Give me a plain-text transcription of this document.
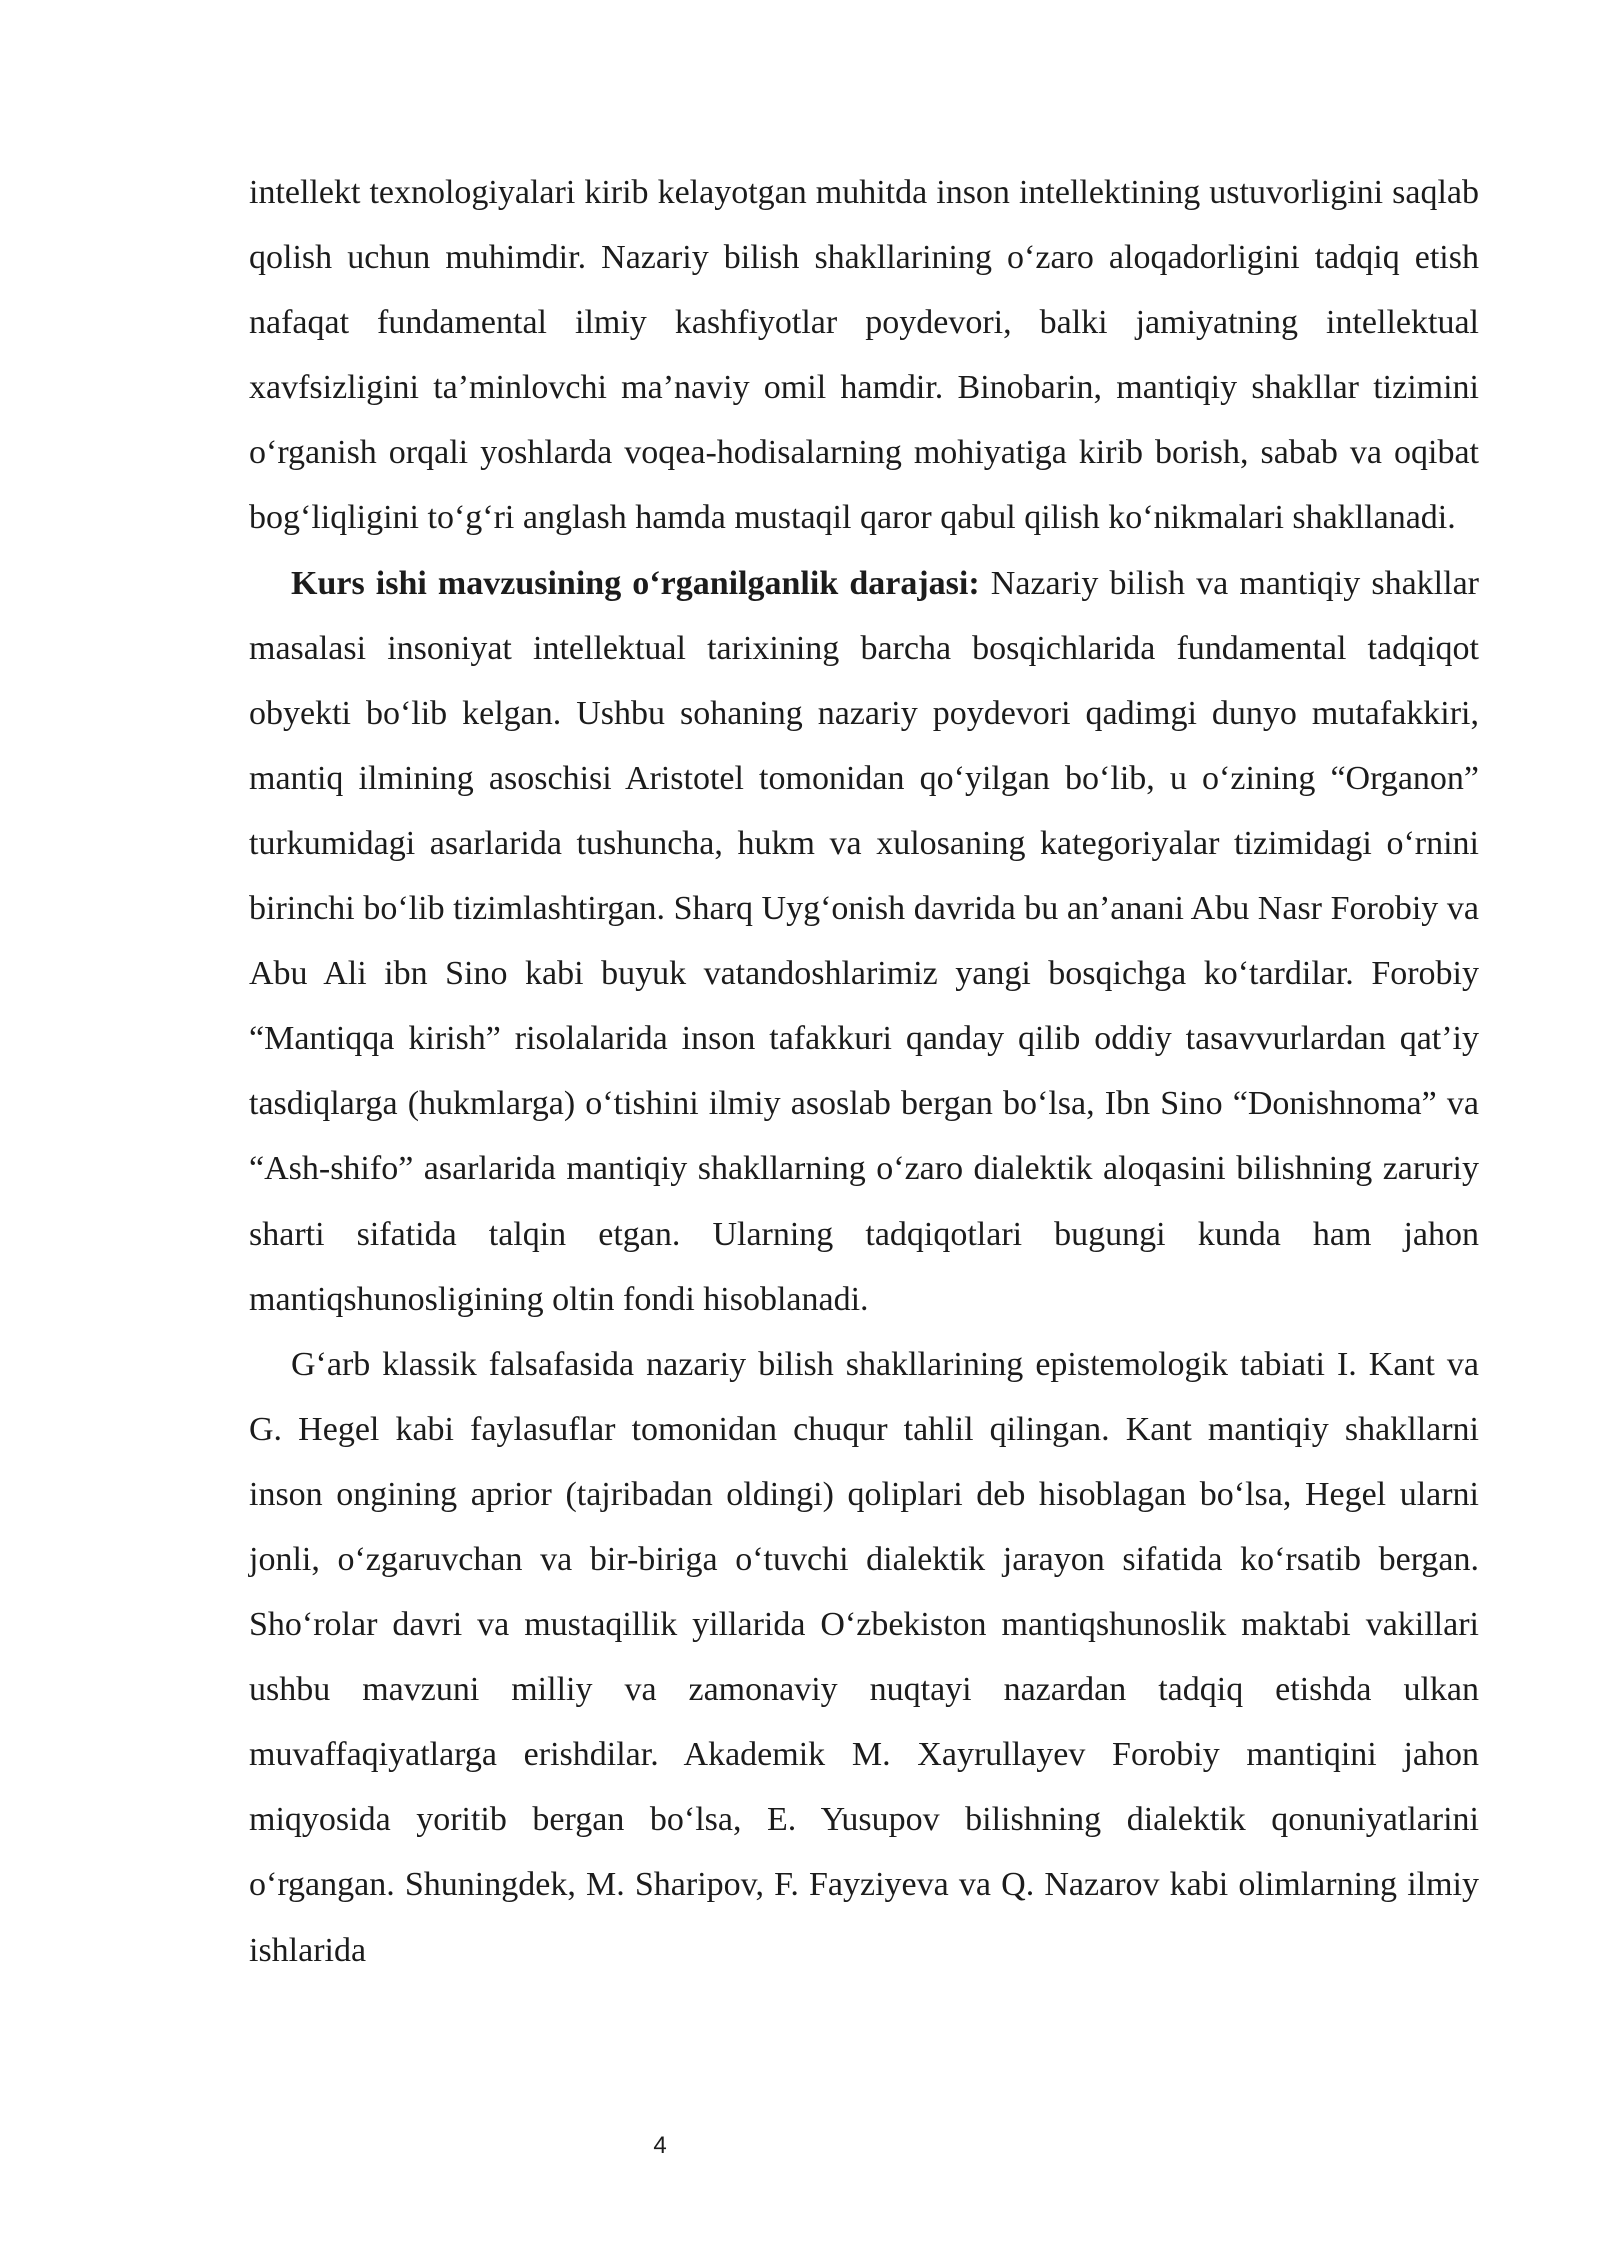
intellekt texnologiyalari kirib kelayotgan muhitda inson intellektining ustuvorligini saqlab qolish uchun muhimdir. Nazariy bilish shakllarining o‘zaro aloqadorligini tadqiq etish nafaqat fundamental ilmiy kashfiyotlar poydevori, balki jamiyatning intellektual xavfsizligini ta’minlovchi ma’naviy omil hamdir. Binobarin, mantiqiy shakllar tizimini o‘rganish orqali yoshlarda voqea-hodisalarning mohiyatiga kirib borish, sabab va oqibat bog‘liqligini to‘g‘ri anglash hamda mustaqil qaror qabul qilish ko‘nikmalari shakllanadi.

Kurs ishi mavzusining o‘rganilganlik darajasi: Nazariy bilish va mantiqiy shakllar masalasi insoniyat intellektual tarixining barcha bosqichlarida fundamental tadqiqot obyekti bo‘lib kelgan. Ushbu sohaning nazariy poydevori qadimgi dunyo mutafakkiri, mantiq ilmining asoschisi Aristotel tomonidan qo‘yilgan bo‘lib, u o‘zining “Organon” turkumidagi asarlarida tushuncha, hukm va xulosaning kategoriyalar tizimidagi o‘rnini birinchi bo‘lib tizimlashtirgan. Sharq Uyg‘onish davrida bu an’anani Abu Nasr Forobiy va Abu Ali ibn Sino kabi buyuk vatandoshlarimiz yangi bosqichga ko‘tardilar. Forobiy “Mantiqqa kirish” risolalarida inson tafakkuri qanday qilib oddiy tasavvurlardan qat’iy tasdiqlarga (hukmlarga) o‘tishini ilmiy asoslab bergan bo‘lsa, Ibn Sino “Donishnoma” va “Ash-shifo” asarlarida mantiqiy shakllarning o‘zaro dialektik aloqasini bilishning zaruriy sharti sifatida talqin etgan. Ularning tadqiqotlari bugungi kunda ham jahon mantiqshunosligining oltin fondi hisoblanadi.

G‘arb klassik falsafasida nazariy bilish shakllarining epistemologik tabiati I. Kant va G. Hegel kabi faylasuflar tomonidan chuqur tahlil qilingan. Kant mantiqiy shakllarni inson ongining aprior (tajribadan oldingi) qoliplari deb hisoblagan bo‘lsa, Hegel ularni jonli, o‘zgaruvchan va bir-biriga o‘tuvchi dialektik jarayon sifatida ko‘rsatib bergan. Sho‘rolar davri va mustaqillik yillarida O‘zbekiston mantiqshunoslik maktabi vakillari ushbu mavzuni milliy va zamonaviy nuqtayi nazardan tadqiq etishda ulkan muvaffaqiyatlarga erishdilar. Akademik M. Xayrullayev Forobiy mantiqini jahon miqyosida yoritib bergan bo‘lsa, E. Yusupov bilishning dialektik qonuniyatlarini o‘rgangan. Shuningdek, M. Sharipov, F. Fayziyeva va Q. Nazarov kabi olimlarning ilmiy ishlarida

4
